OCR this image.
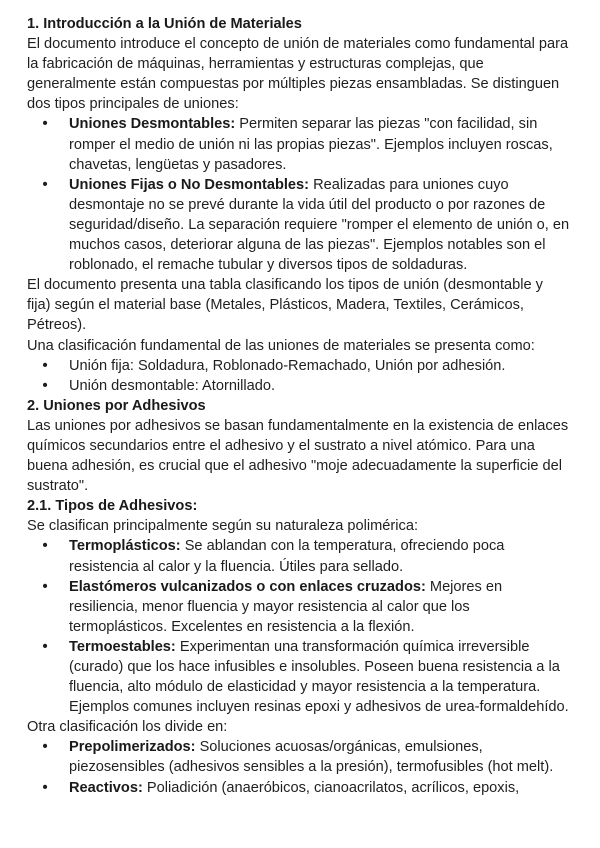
1. Introducción a la Unión de Materiales

El documento introduce el concepto de unión de materiales como fundamental para la fabricación de máquinas, herramientas y estructuras complejas, que generalmente están compuestas por múltiples piezas ensambladas. Se distinguen dos tipos principales de uniones:

• Uniones Desmontables: Permiten separar las piezas "con facilidad, sin romper el medio de unión ni las propias piezas". Ejemplos incluyen roscas, chavetas, lengüetas y pasadores.
• Uniones Fijas o No Desmontables: Realizadas para uniones cuyo desmontaje no se prevé durante la vida útil del producto o por razones de seguridad/diseño. La separación requiere "romper el elemento de unión o, en muchos casos, deteriorar alguna de las piezas". Ejemplos notables son el roblonado, el remache tubular y diversos tipos de soldaduras.

El documento presenta una tabla clasificando los tipos de unión (desmontable y fija) según el material base (Metales, Plásticos, Madera, Textiles, Cerámicos, Pétreos).

Una clasificación fundamental de las uniones de materiales se presenta como:

• Unión fija: Soldadura, Roblonado-Remachado, Unión por adhesión.
• Unión desmontable: Atornillado.
2. Uniones por Adhesivos

Las uniones por adhesivos se basan fundamentalmente en la existencia de enlaces químicos secundarios entre el adhesivo y el sustrato a nivel atómico. Para una buena adhesión, es crucial que el adhesivo "moje adecuadamente la superficie del sustrato".

2.1. Tipos de Adhesivos:

Se clasifican principalmente según su naturaleza polimérica:

• Termoplásticos: Se ablandan con la temperatura, ofreciendo poca resistencia al calor y la fluencia. Útiles para sellado.
• Elastómeros vulcanizados o con enlaces cruzados: Mejores en resiliencia, menor fluencia y mayor resistencia al calor que los termoplásticos. Excelentes en resistencia a la flexión.
• Termoestables: Experimentan una transformación química irreversible (curado) que los hace infusibles e insolubles. Poseen buena resistencia a la fluencia, alto módulo de elasticidad y mayor resistencia a la temperatura. Ejemplos comunes incluyen resinas epoxi y adhesivos de urea-formaldehído.

Otra clasificación los divide en:

• Prepolimerizados: Soluciones acuosas/orgánicas, emulsiones, piezosensibles (adhesivos sensibles a la presión), termofusibles (hot melt).
• Reactivos: Poliadición (anaeróbicos, cianoacrilatos, acrílicos, epoxis,
